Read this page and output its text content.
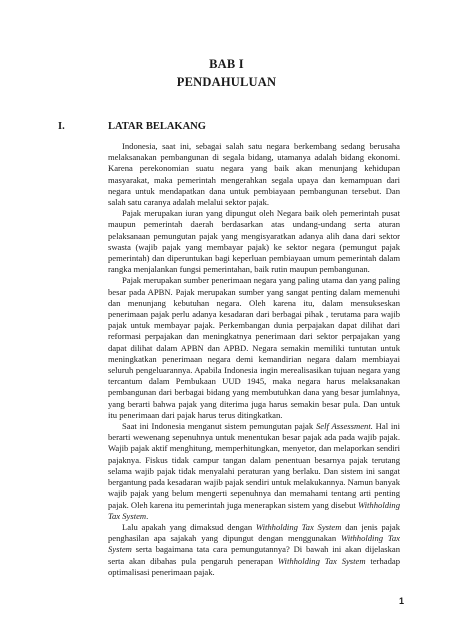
BAB I
PENDAHULUAN
I.	LATAR BELAKANG

Indonesia, saat ini, sebagai salah satu negara berkembang sedang berusaha melaksanakan pembangunan di segala bidang, utamanya adalah bidang ekonomi. Karena perekonomian suatu negara yang baik akan menunjang kehidupan masyarakat, maka pemerintah mengerahkan segala upaya dan kemampuan dari negara untuk mendapatkan dana untuk pembiayaan pembangunan tersebut. Dan salah satu caranya adalah melalui sektor pajak.

Pajak merupakan iuran yang dipungut oleh Negara baik oleh pemerintah pusat maupun pemerintah daerah berdasarkan atas undang-undang serta aturan pelaksanaan pemungutan pajak yang mengisyaratkan adanya alih dana dari sektor swasta (wajib pajak yang membayar pajak) ke sektor negara (pemungut pajak pemerintah) dan diperuntukan bagi keperluan pembiayaan umum pemerintah dalam rangka menjalankan fungsi pemerintahan, baik rutin maupun pembangunan.

Pajak merupakan sumber penerimaan negara yang paling utama dan yang paling besar pada APBN. Pajak merupakan sumber yang sangat penting dalam memenuhi dan menunjang kebutuhan negara. Oleh karena itu, dalam mensukseskan penerimaan pajak perlu adanya kesadaran dari berbagai pihak , terutama para wajib pajak untuk membayar pajak. Perkembangan dunia perpajakan dapat dilihat dari reformasi perpajakan dan meningkatnya penerimaan dari sektor perpajakan yang dapat dilihat dalam APBN dan APBD. Negara semakin memiliki tuntutan untuk meningkatkan penerimaan negara demi kemandirian negara dalam membiayai seluruh pengeluarannya. Apabila Indonesia ingin merealisasikan tujuan negara yang tercantum dalam Pembukaan UUD 1945, maka negara harus melaksanakan pembangunan dari berbagai bidang yang membutuhkan dana yang besar jumlahnya, yang berarti bahwa pajak yang diterima juga harus semakin besar pula. Dan untuk itu penerimaan dari pajak harus terus ditingkatkan.

Saat ini Indonesia menganut sistem pemungutan pajak Self Assessment. Hal ini berarti wewenang sepenuhnya untuk menentukan besar pajak ada pada wajib pajak. Wajib pajak aktif menghitung, memperhitungkan, menyetor, dan melaporkan sendiri pajaknya. Fiskus tidak campur tangan dalam penentuan besarnya pajak terutang selama wajib pajak tidak menyalahi peraturan yang berlaku. Dan sistem ini sangat bergantung pada kesadaran wajib pajak sendiri untuk melakukannya. Namun banyak wajib pajak yang belum mengerti sepenuhnya dan memahami tentang arti penting pajak. Oleh karena itu pemerintah juga menerapkan sistem yang disebut Withholding Tax System.

Lalu apakah yang dimaksud dengan Withholding Tax System dan jenis pajak penghasilan apa sajakah yang dipungut dengan menggunakan Withholding Tax System serta bagaimana tata cara pemungutannya? Di bawah ini akan dijelaskan serta akan dibahas pula pengaruh penerapan Withholding Tax System terhadap optimalisasi penerimaan pajak.

1
